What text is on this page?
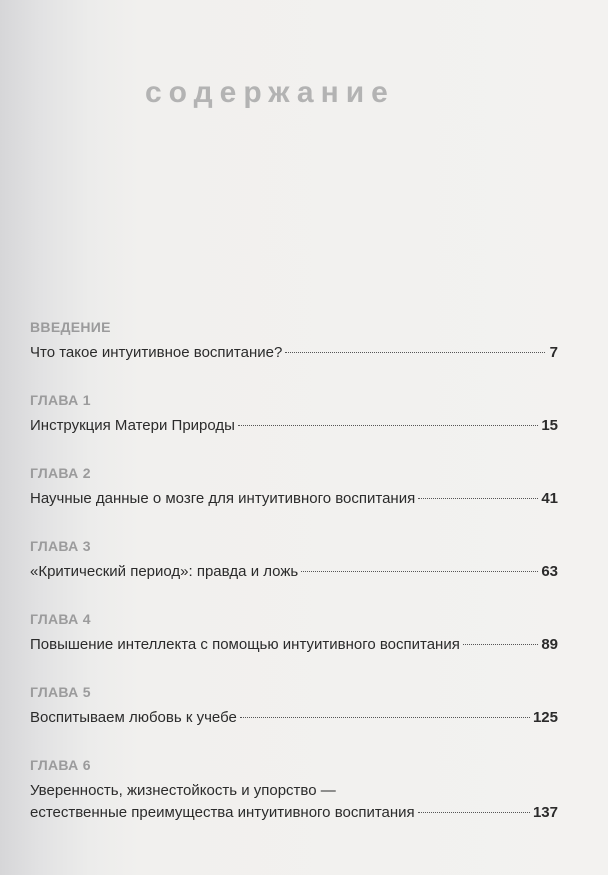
содержание
ВВЕДЕНИЕ
Что такое интуитивное воспитание?	7
ГЛАВА 1
Инструкция Матери Природы	15
ГЛАВА 2
Научные данные о мозге для интуитивного воспитания	41
ГЛАВА 3
«Критический период»: правда и ложь	63
ГЛАВА 4
Повышение интеллекта с помощью интуитивного воспитания	89
ГЛАВА 5
Воспитываем любовь к учебе	125
ГЛАВА 6
Уверенность, жизнестойкость и упорство —
естественные преимущества интуитивного воспитания	137
